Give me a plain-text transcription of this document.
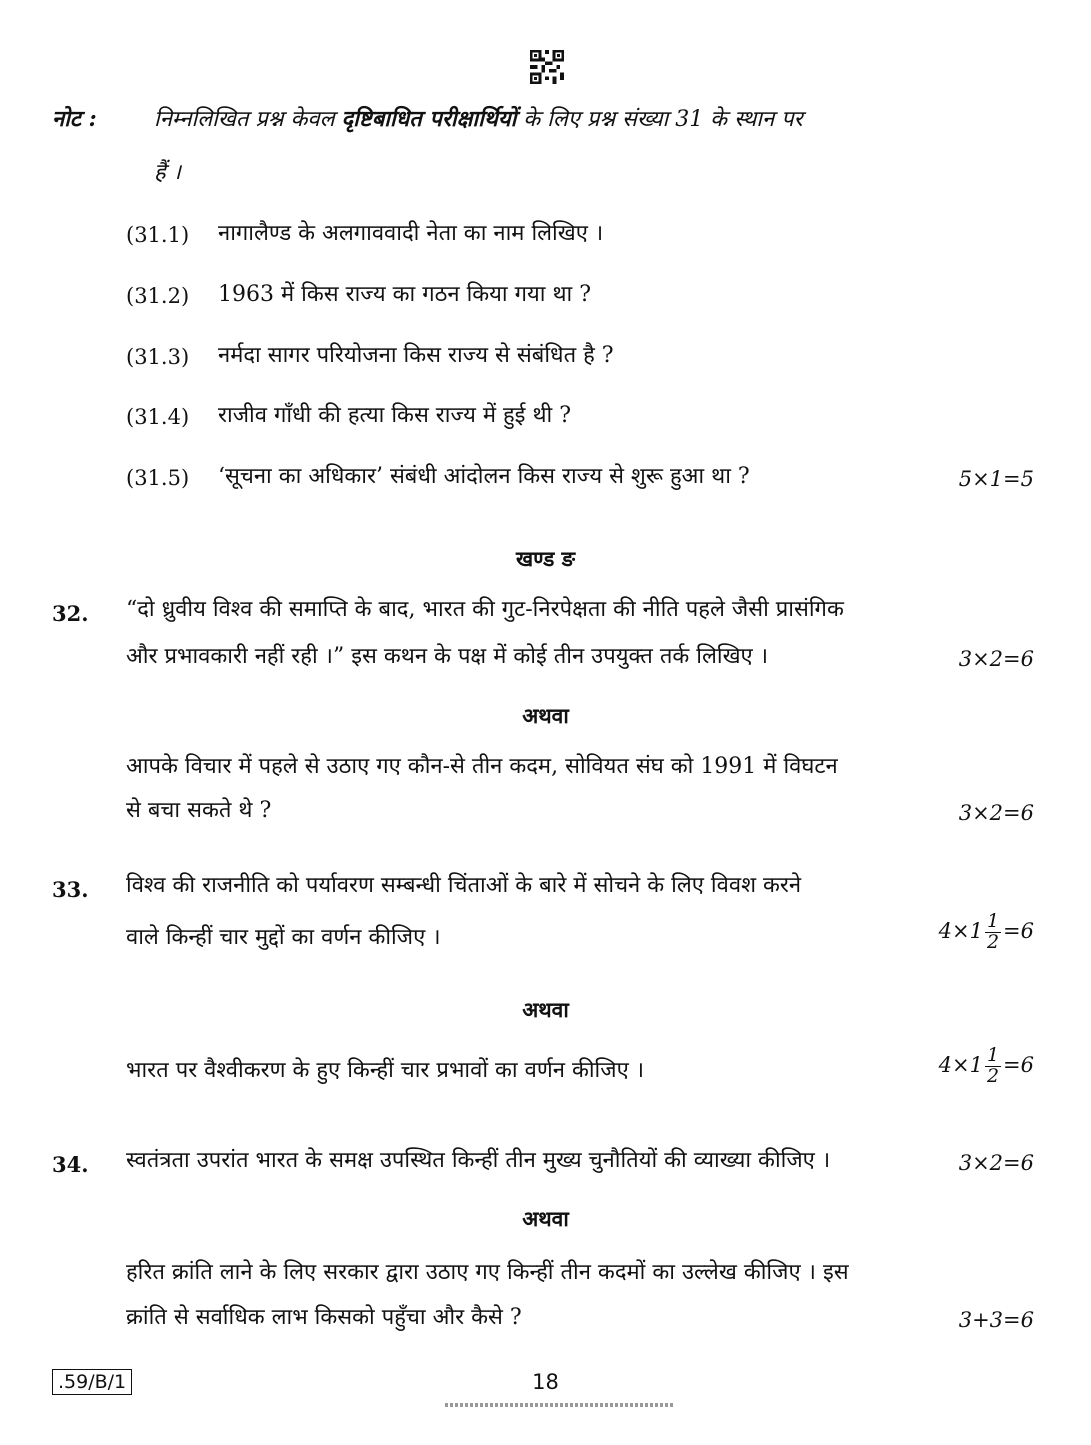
नोट :	निम्नलिखित प्रश्न केवल दृष्टिबाधित परीक्षार्थियों के लिए प्रश्न संख्या 31 के स्थान पर
हैं ।
(31.1) नागालैण्ड के अलगाववादी नेता का नाम लिखिए ।
(31.2) 1963 में किस राज्य का गठन किया गया था ?
(31.3) नर्मदा सागर परियोजना किस राज्य से संबंधित है ?
(31.4) राजीव गाँधी की हत्या किस राज्य में हुई थी ?
(31.5) ‘सूचना का अधिकार’ संबंधी आंदोलन किस राज्य से शुरू हुआ था ?	5×1=5
खण्ड ङ
32. “दो ध्रुवीय विश्व की समाप्ति के बाद, भारत की गुट-निरपेक्षता की नीति पहले जैसी प्रासंगिक
और प्रभावकारी नहीं रही ।” इस कथन के पक्ष में कोई तीन उपयुक्त तर्क लिखिए ।	3×2=6
अथवा
आपके विचार में पहले से उठाए गए कौन-से तीन कदम, सोवियत संघ को 1991 में विघटन
से बचा सकते थे ?	3×2=6
33. विश्व की राजनीति को पर्यावरण सम्बन्धी चिंताओं के बारे में सोचने के लिए विवश करने
वाले किन्हीं चार मुद्दों का वर्णन कीजिए ।	$4\times 1 \frac{1}{2} =6$
अथवा
भारत पर वैश्वीकरण के हुए किन्हीं चार प्रभावों का वर्णन कीजिए ।	$4\times 1 \frac{1}{2} =6$
34. स्वतंत्रता उपरांत भारत के समक्ष उपस्थित किन्हीं तीन मुख्य चुनौतियों की व्याख्या कीजिए ।	3×2=6
अथवा
हरित क्रांति लाने के लिए सरकार द्वारा उठाए गए किन्हीं तीन कदमों का उल्लेख कीजिए । इस
क्रांति से सर्वाधिक लाभ किसको पहुँचा और कैसे ?	3+3=6
.59/B/1	18
